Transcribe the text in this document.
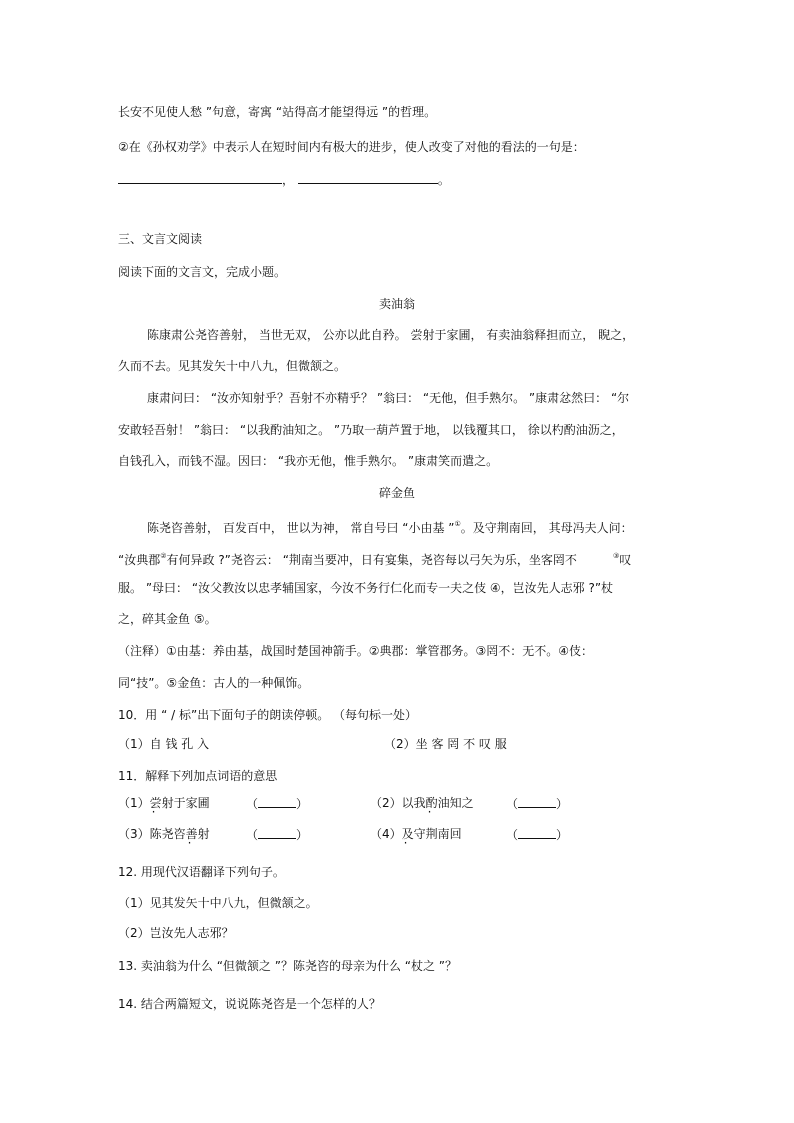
长安不见使人愁 ”句意，寄寓 “站得高才能望得远 ”的哲理。
②在《孙权劝学》中表示人在短时间内有极大的进步，使人改变了对他的看法的一句是：
，	。
三、文言文阅读
阅读下面的文言文，完成小题。
卖油翁
陈康肃公尧咨善射， 当世无双， 公亦以此自矜。 尝射于家圃， 有卖油翁释担而立， 睨之，
久而不去。见其发矢十中八九，但微颔之。
康肃问曰： “汝亦知射乎？吾射不亦精乎？ ”翁曰： “无他，但手熟尔。 ”康肃忿然曰： “尔
安敢轻吾射！ ”翁曰： “以我酌油知之。 ”乃取一葫芦置于地， 以钱覆其口， 徐以杓酌油沥之，
自钱孔入，而钱不湿。因曰： “我亦无他，惟手熟尔。 ”康肃笑而遣之。
碎金鱼
陈尧咨善射， 百发百中， 世以为神， 常自号曰 “小由基 ”①。及守荆南回， 其母冯夫人问：
“汝典郡②有何异政 ?”尧咨云： “荆南当要冲，日有宴集，尧咨每以弓矢为乐，坐客罔不	③叹
服。 ”母曰： “汝父教汝以忠孝辅国家，今汝不务行仁化而专一夫之伎 ④，岂汝先人志邪 ?”杖
之，碎其金鱼 ⑤。
（注释）①由基：养由基，战国时楚国神箭手。②典郡：掌管郡务。③罔不：无不。④伎：
同“技”。⑤金鱼：古人的一种佩饰。
10．用 “ / 标”出下面句子的朗读停顿。 （每句标一处）
（1）自 钱 孔 入	（2）坐 客 罔 不 叹 服
11．解释下列加点词语的意思
（1）尝射于家圃	（	）	（2）以我酌油知之	（	）
（3）陈尧咨善射	（	）	（4）及守荆南回	（	）
12. 用现代汉语翻译下列句子。
（1）见其发矢十中八九，但微颔之。
（2）岂汝先人志邪？
13. 卖油翁为什么 “但微颔之 ”？陈尧咨的母亲为什么 “杖之 ”？
14. 结合两篇短文，说说陈尧咨是一个怎样的人？
